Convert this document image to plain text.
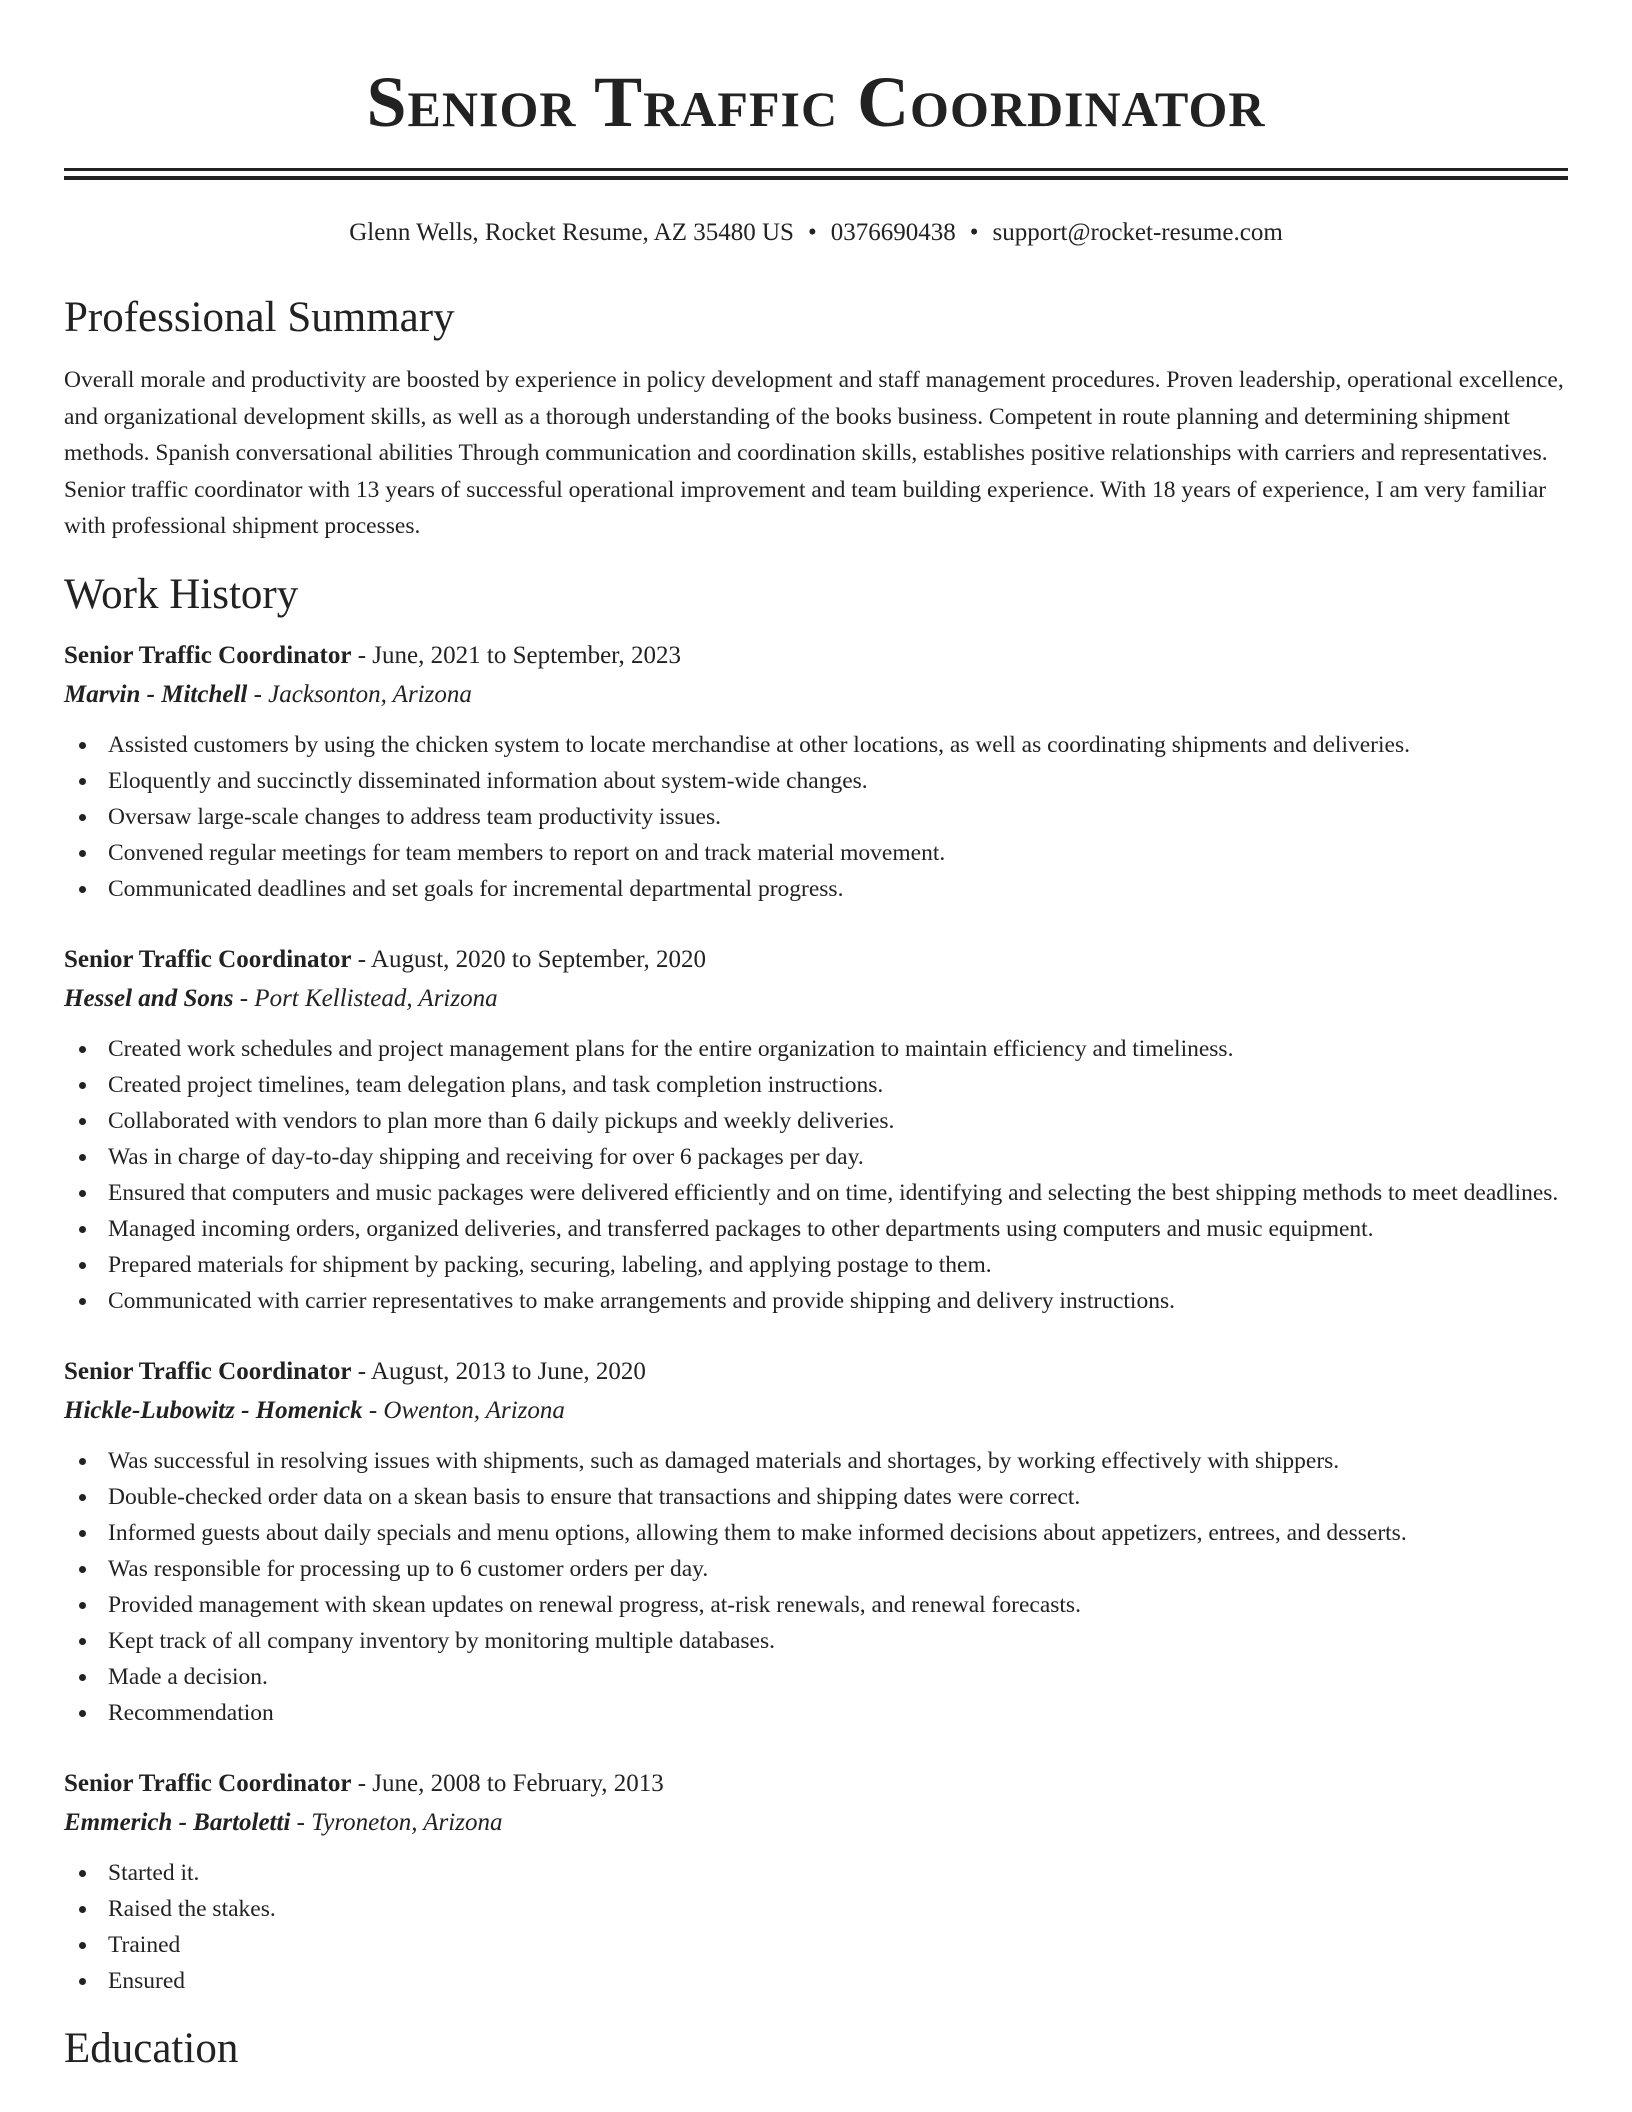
Senior Traffic Coordinator
Glenn Wells, Rocket Resume, AZ 35480 US • 0376690438 • support@rocket-resume.com
Professional Summary
Overall morale and productivity are boosted by experience in policy development and staff management procedures. Proven leadership, operational excellence, and organizational development skills, as well as a thorough understanding of the books business. Competent in route planning and determining shipment methods. Spanish conversational abilities Through communication and coordination skills, establishes positive relationships with carriers and representatives. Senior traffic coordinator with 13 years of successful operational improvement and team building experience. With 18 years of experience, I am very familiar with professional shipment processes.
Work History
Senior Traffic Coordinator - June, 2021 to September, 2023
Marvin - Mitchell - Jacksonton, Arizona
Assisted customers by using the chicken system to locate merchandise at other locations, as well as coordinating shipments and deliveries.
Eloquently and succinctly disseminated information about system-wide changes.
Oversaw large-scale changes to address team productivity issues.
Convened regular meetings for team members to report on and track material movement.
Communicated deadlines and set goals for incremental departmental progress.
Senior Traffic Coordinator - August, 2020 to September, 2020
Hessel and Sons - Port Kellistead, Arizona
Created work schedules and project management plans for the entire organization to maintain efficiency and timeliness.
Created project timelines, team delegation plans, and task completion instructions.
Collaborated with vendors to plan more than 6 daily pickups and weekly deliveries.
Was in charge of day-to-day shipping and receiving for over 6 packages per day.
Ensured that computers and music packages were delivered efficiently and on time, identifying and selecting the best shipping methods to meet deadlines.
Managed incoming orders, organized deliveries, and transferred packages to other departments using computers and music equipment.
Prepared materials for shipment by packing, securing, labeling, and applying postage to them.
Communicated with carrier representatives to make arrangements and provide shipping and delivery instructions.
Senior Traffic Coordinator - August, 2013 to June, 2020
Hickle-Lubowitz - Homenick - Owenton, Arizona
Was successful in resolving issues with shipments, such as damaged materials and shortages, by working effectively with shippers.
Double-checked order data on a skean basis to ensure that transactions and shipping dates were correct.
Informed guests about daily specials and menu options, allowing them to make informed decisions about appetizers, entrees, and desserts.
Was responsible for processing up to 6 customer orders per day.
Provided management with skean updates on renewal progress, at-risk renewals, and renewal forecasts.
Kept track of all company inventory by monitoring multiple databases.
Made a decision.
Recommendation
Senior Traffic Coordinator - June, 2008 to February, 2013
Emmerich - Bartoletti - Tyroneton, Arizona
Started it.
Raised the stakes.
Trained
Ensured
Education
